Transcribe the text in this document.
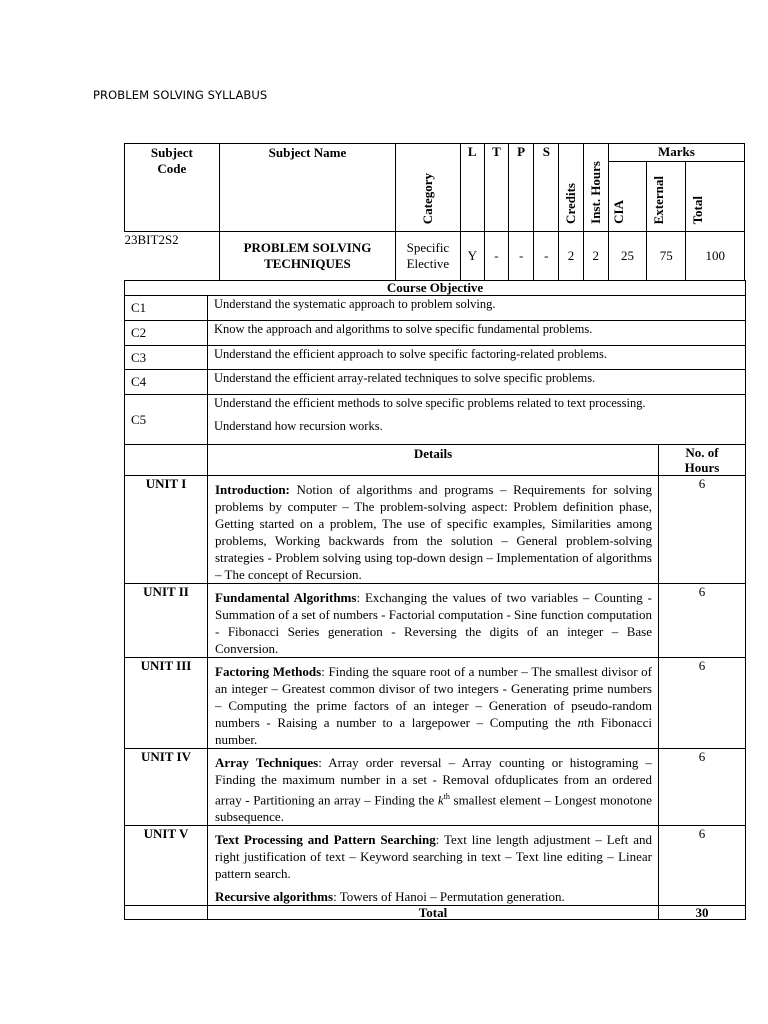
PROBLEM SOLVING SYLLABUS
Subject Code	Subject Name	Category	L	T	P	S	Credits	Inst. Hours	Marks		
									CIA	External	Total
23BIT2S2	PROBLEM SOLVING TECHNIQUES	Specific Elective	Y	-	-	-	2	2	25	75	100
Course Objective		
C1	Understand the systematic approach to problem solving.	
C2	Know the approach and algorithms to solve specific fundamental problems.	
C3	Understand the efficient approach to solve specific factoring-related problems.	
C4	Understand the efficient array-related techniques to solve specific problems.	
C5	Understand the efficient methods to solve specific problems related to text processing.
Understand how recursion works.	

	Details	No. of Hours
UNIT I	Introduction: Notion of algorithms and programs – Requirements for solving problems by computer – The problem-solving aspect: Problem definition phase, Getting started on a problem, The use of specific examples, Similarities among problems, Working backwards from the solution – General problem-solving strategies - Problem solving using top-down design – Implementation of algorithms – The concept of Recursion.	6
UNIT II	Fundamental Algorithms: Exchanging the values of two variables – Counting - Summation of a set of numbers - Factorial computation - Sine function computation - Fibonacci Series generation - Reversing the digits of an integer – Base Conversion.	6
UNIT III	Factoring Methods: Finding the square root of a number – The smallest divisor of an integer – Greatest common divisor of two integers - Generating prime numbers – Computing the prime factors of an integer – Generation of pseudo-random numbers - Raising a number to a largepower – Computing the nth Fibonacci number.	6
UNIT IV	Array Techniques: Array order reversal – Array counting or histograming – Finding the maximum number in a set - Removal ofduplicates from an ordered array - Partitioning an array – Finding the $k^{th}$ smallest element – Longest monotone subsequence.	6
UNIT V	Text Processing and Pattern Searching: Text line length adjustment – Left and right justification of text – Keyword searching in text – Text line editing – Linear pattern search.

Recursive algorithms: Towers of Hanoi – Permutation generation.	6
	Total	30
